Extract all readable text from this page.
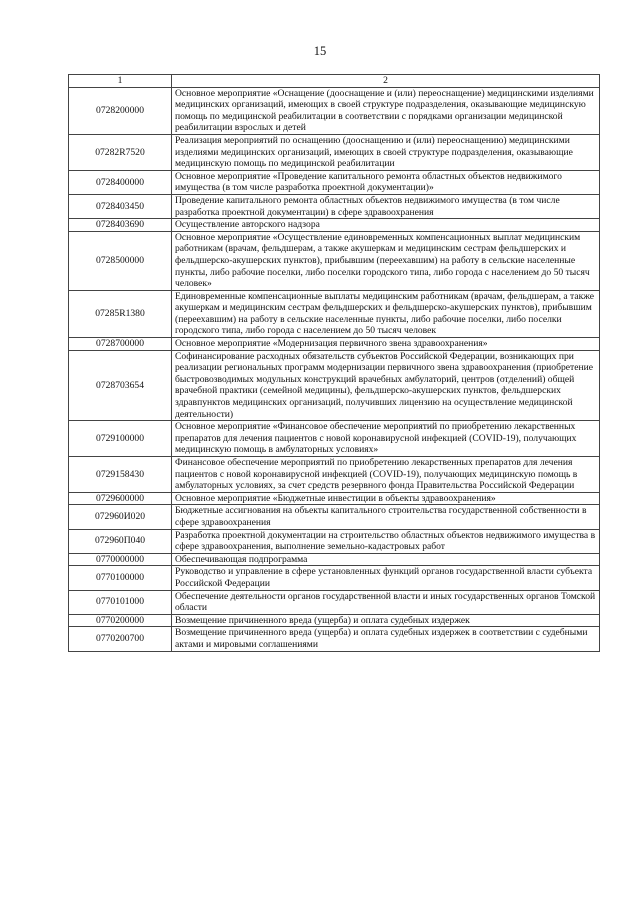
15
1	2
0728200000	Основное мероприятие «Оснащение (дооснащение и (или) переоснащение) медицинскими изделиями медицинских организаций, имеющих в своей структуре подразделения, оказывающие медицинскую помощь по медицинской реабилитации в соответствии с порядками организации медицинской реабилитации взрослых и детей
07282R7520	Реализация мероприятий по оснащению (дооснащению и (или) переоснащению) медицинскими изделиями медицинских организаций, имеющих в своей структуре подразделения, оказывающие медицинскую помощь по медицинской реабилитации
0728400000	Основное мероприятие «Проведение капитального ремонта областных объектов недвижимого имущества (в том числе разработка проектной документации)»
0728403450	Проведение капитального ремонта областных объектов недвижимого имущества (в том числе разработка проектной документации) в сфере здравоохранения
0728403690	Осуществление авторского надзора
0728500000	Основное мероприятие «Осуществление единовременных компенсационных выплат медицинским работникам (врачам, фельдшерам, а также акушеркам и медицинским сестрам фельдшерских и фельдшерско-акушерских пунктов), прибывшим (переехавшим) на работу в сельские населенные пункты, либо рабочие поселки, либо поселки городского типа, либо города с населением до 50 тысяч человек»
07285R1380	Единовременные компенсационные выплаты медицинским работникам (врачам, фельдшерам, а также акушеркам и медицинским сестрам фельдшерских и фельдшерско-акушерских пунктов), прибывшим (переехавшим) на работу в сельские населенные пункты, либо рабочие поселки, либо поселки городского типа, либо города с населением до 50 тысяч человек
0728700000	Основное мероприятие «Модернизация первичного звена здравоохранения»
0728703654	Софинансирование расходных обязательств субъектов Российской Федерации, возникающих при реализации региональных программ модернизации первичного звена здравоохранения (приобретение быстровозводимых модульных конструкций врачебных амбулаторий, центров (отделений) общей врачебной практики (семейной медицины), фельдшерско-акушерских пунктов, фельдшерских здравпунктов медицинских организаций, получивших лицензию на осуществление медицинской деятельности)
0729100000	Основное мероприятие «Финансовое обеспечение мероприятий по приобретению лекарственных препаратов для лечения пациентов с новой коронавирусной инфекцией (COVID-19), получающих медицинскую помощь в амбулаторных условиях»
0729158430	Финансовое обеспечение мероприятий по приобретению лекарственных препаратов для лечения пациентов с новой коронавирусной инфекцией (COVID-19), получающих медицинскую помощь в амбулаторных условиях, за счет средств резервного фонда Правительства Российской Федерации
0729600000	Основное мероприятие «Бюджетные инвестиции в объекты здравоохранения»
072960И020	Бюджетные ассигнования на объекты капитального строительства государственной собственности в сфере здравоохранения
072960П040	Разработка проектной документации на строительство областных объектов недвижимого имущества в сфере здравоохранения, выполнение земельно-кадастровых работ
0770000000	Обеспечивающая подпрограмма
0770100000	Руководство и управление в сфере установленных функций органов государственной власти субъекта Российской Федерации
0770101000	Обеспечение деятельности органов государственной власти и иных государственных органов Томской области
0770200000	Возмещение причиненного вреда (ущерба) и оплата судебных издержек
0770200700	Возмещение причиненного вреда (ущерба) и оплата судебных издержек в соответствии с судебными актами и мировыми соглашениями
